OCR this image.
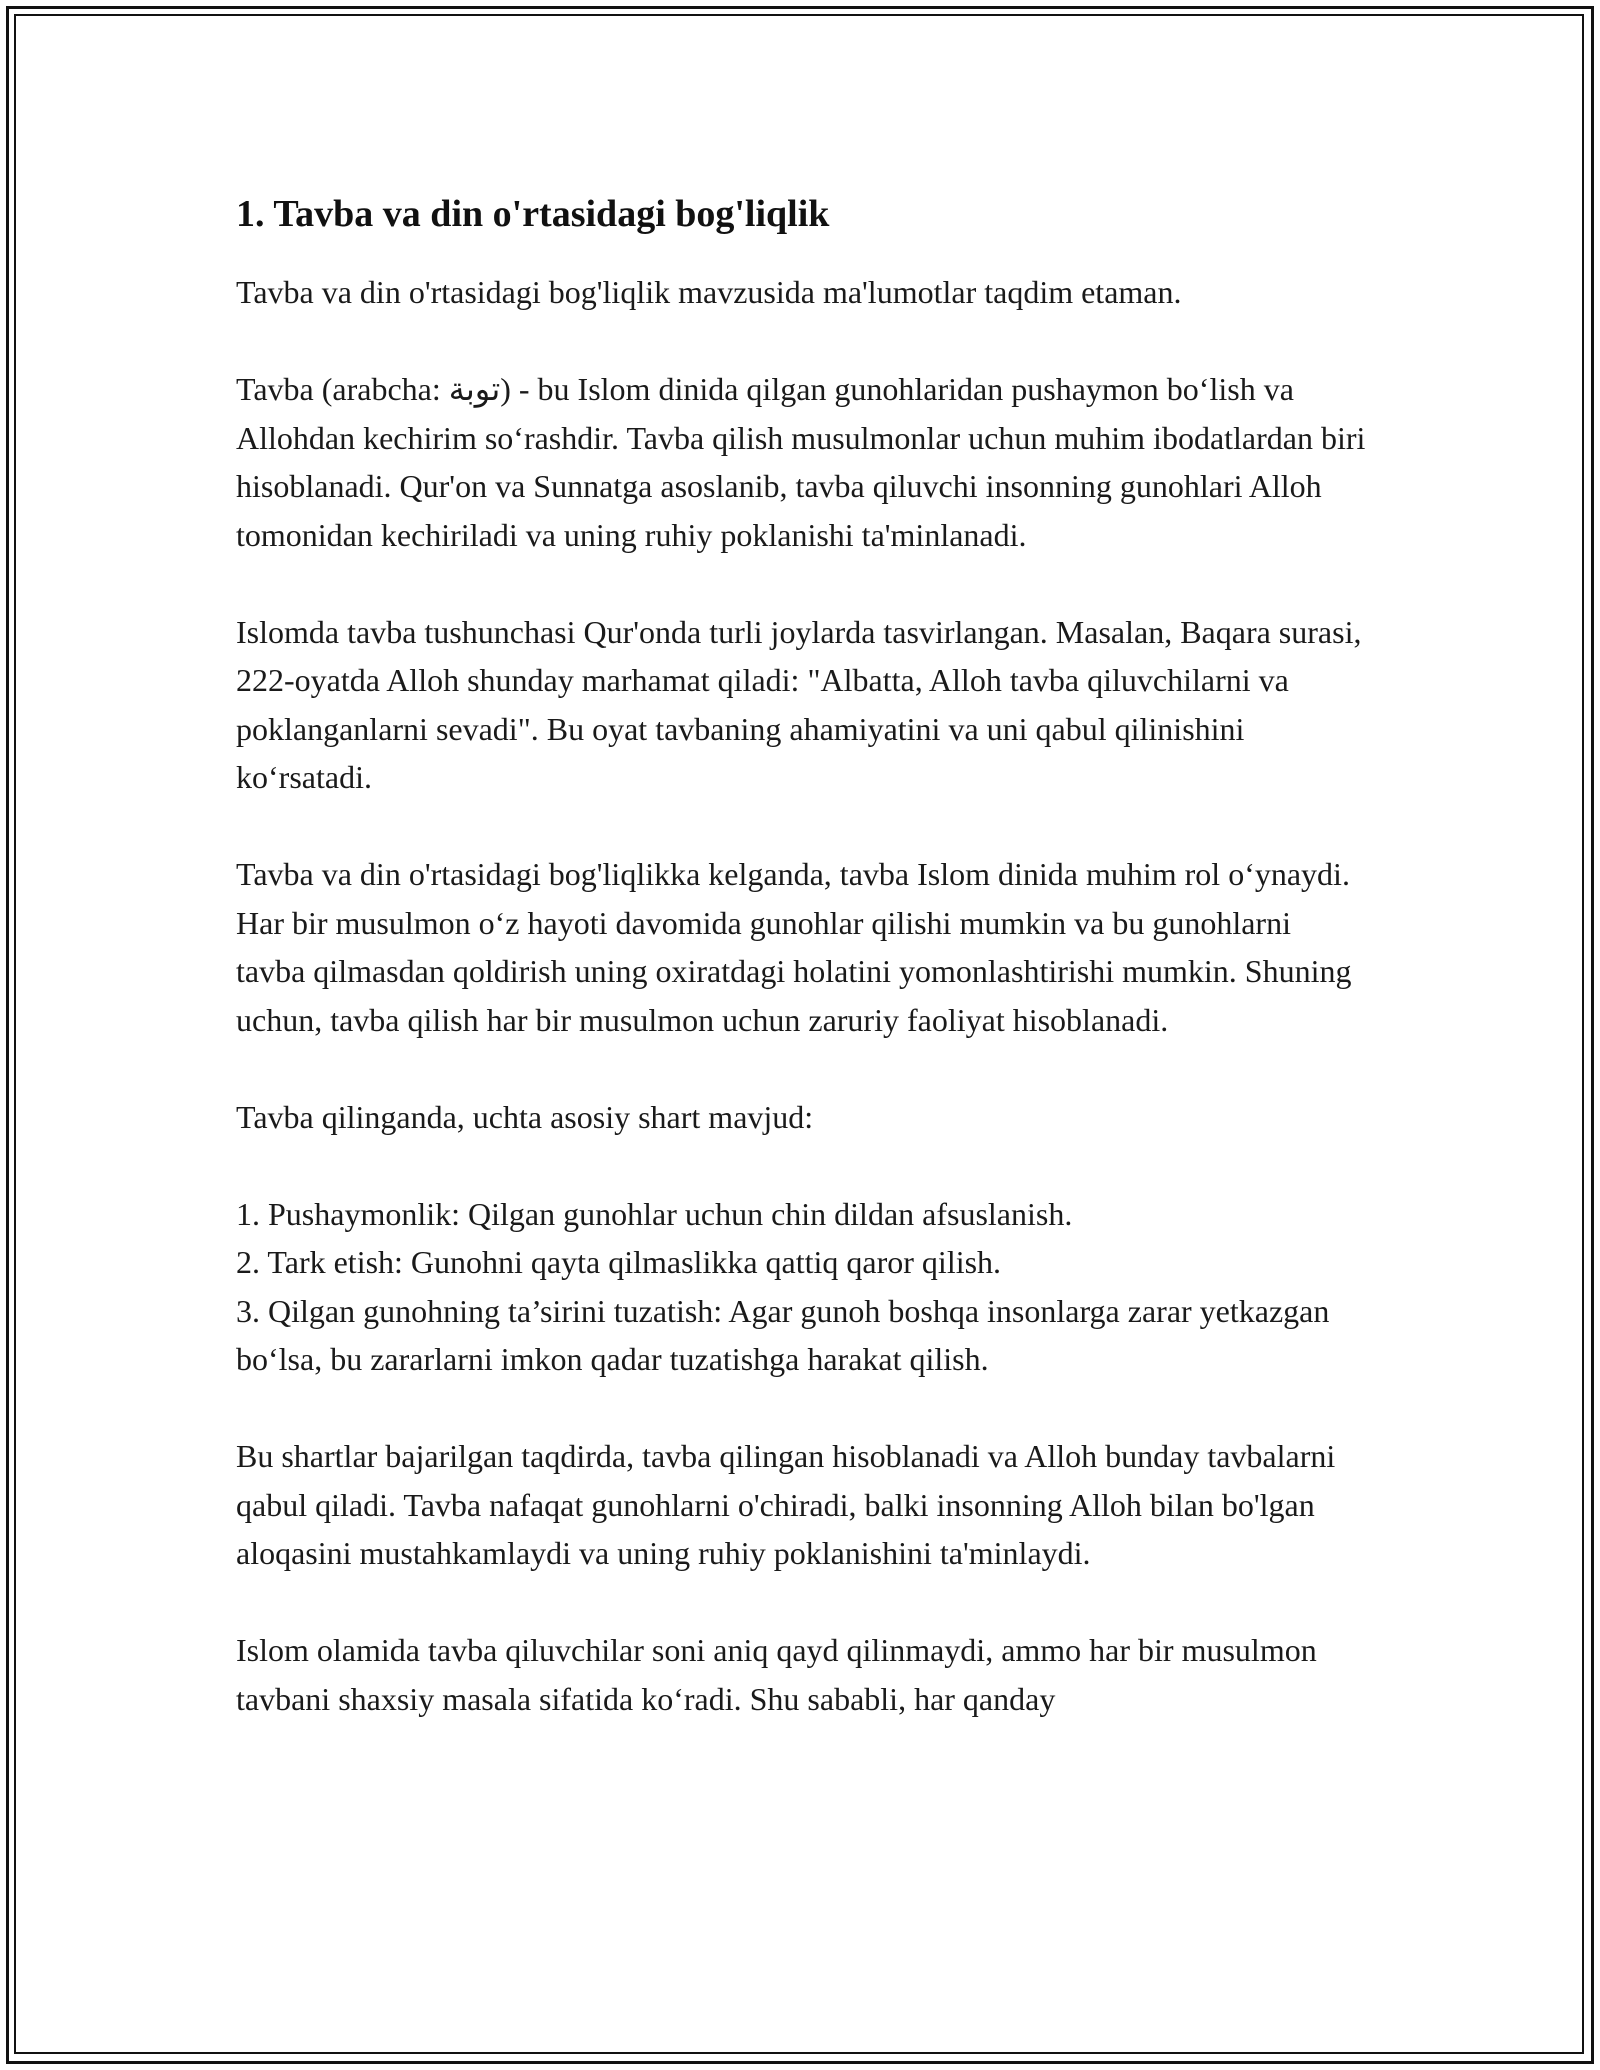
1. Tavba va din o'rtasidagi bog'liqlik

Tavba va din o'rtasidagi bog'liqlik mavzusida ma'lumotlar taqdim etaman.

Tavba (arabcha: توبة) - bu Islom dinida qilgan gunohlaridan pushaymon bo‘lish va Allohdan kechirim so‘rashdir. Tavba qilish musulmonlar uchun muhim ibodatlardan biri hisoblanadi. Qur'on va Sunnatga asoslanib, tavba qiluvchi insonning gunohlari Alloh tomonidan kechiriladi va uning ruhiy poklanishi ta'minlanadi.

Islomda tavba tushunchasi Qur'onda turli joylarda tasvirlangan. Masalan, Baqara surasi, 222-oyatda Alloh shunday marhamat qiladi: "Albatta, Alloh tavba qiluvchilarni va poklanganlarni sevadi". Bu oyat tavbaning ahamiyatini va uni qabul qilinishini ko‘rsatadi.

Tavba va din o'rtasidagi bog'liqlikka kelganda, tavba Islom dinida muhim rol o‘ynaydi. Har bir musulmon o‘z hayoti davomida gunohlar qilishi mumkin va bu gunohlarni tavba qilmasdan qoldirish uning oxiratdagi holatini yomonlashtirishi mumkin. Shuning uchun, tavba qilish har bir musulmon uchun zaruriy faoliyat hisoblanadi.

Tavba qilinganda, uchta asosiy shart mavjud:

1. Pushaymonlik: Qilgan gunohlar uchun chin dildan afsuslanish.

2. Tark etish: Gunohni qayta qilmaslikka qattiq qaror qilish.

3. Qilgan gunohning ta’sirini tuzatish: Agar gunoh boshqa insonlarga zarar yetkazgan bo‘lsa, bu zararlarni imkon qadar tuzatishga harakat qilish.

Bu shartlar bajarilgan taqdirda, tavba qilingan hisoblanadi va Alloh bunday tavbalarni qabul qiladi. Tavba nafaqat gunohlarni o'chiradi, balki insonning Alloh bilan bo'lgan aloqasini mustahkamlaydi va uning ruhiy poklanishini ta'minlaydi.

Islom olamida tavba qiluvchilar soni aniq qayd qilinmaydi, ammo har bir musulmon tavbani shaxsiy masala sifatida ko‘radi. Shu sababli, har qanday
